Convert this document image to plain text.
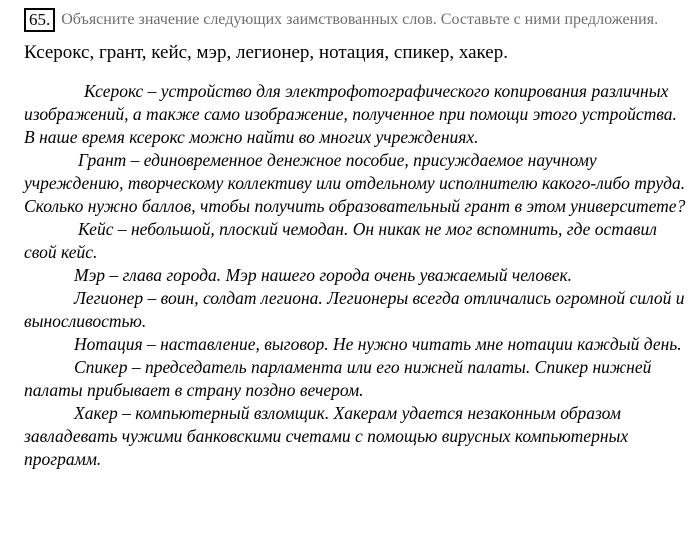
65. Объясните значение следующих заимствованных слов. Составьте с ними предложения.
Ксерокс, грант, кейс, мэр, легионер, нотация, спикер, хакер.

Ксерокс – устройство для электрофотографического копирования различных изображений, а также само изображение, полученное при помощи этого устройства. В наше время ксерокс можно найти во многих учреждениях.

Грант – единовременное денежное пособие, присуждаемое научному учреждению, творческому коллективу или отдельному исполнителю какого-либо труда. Сколько нужно баллов, чтобы получить образовательный грант в этом университете?

Кейс – небольшой, плоский чемодан. Он никак не мог вспомнить, где оставил свой кейс.

Мэр – глава города. Мэр нашего города очень уважаемый человек.

Легионер – воин, солдат легиона. Легионеры всегда отличались огромной силой и выносливостью.

Нотация – наставление, выговор. Не нужно читать мне нотации каждый день.

Спикер – председатель парламента или его нижней палаты. Спикер нижней палаты прибывает в страну поздно вечером.

Хакер – компьютерный взломщик. Хакерам удается незаконным образом завладевать чужими банковскими счетами с помощью вирусных компьютерных программ.
